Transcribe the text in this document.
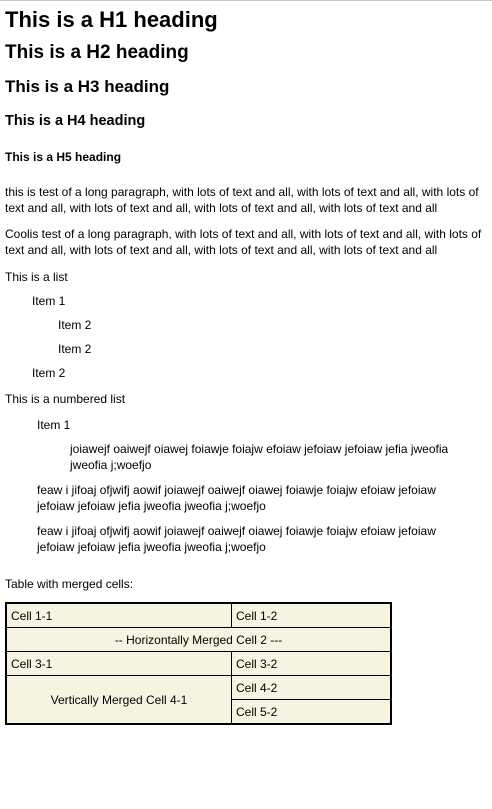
This is a H1 heading
This is a H2 heading
This is a H3 heading
This is a H4 heading
This is a H5 heading

this is test of a long paragraph, with lots of text and all, with lots of text and all, with lots of text and all, with lots of text and all, with lots of text and all, with lots of text and all

Coolis test of a long paragraph, with lots of text and all, with lots of text and all, with lots of text and all, with lots of text and all, with lots of text and all, with lots of text and all

This is a list

Item 1
Item 2
Item 2
Item 2

This is a numbered list

Item 1
joiawejf oaiwejf oiawej foiawje foiajw efoiaw jefoiaw jefoiaw jefia jweofia jweofia j;woefjo
feaw i jifoaj ofjwifj aowif joiawejf oaiwejf oiawej foiawje foiajw efoiaw jefoiaw jefoiaw jefoiaw jefia jweofia jweofia j;woefjo
feaw i jifoaj ofjwifj aowif joiawejf oaiwejf oiawej foiawje foiajw efoiaw jefoiaw jefoiaw jefoiaw jefia jweofia jweofia j;woefjo

Table with merged cells:

Cell 1-1	Cell 1-2
-- Horizontally Merged Cell 2 ---	
Cell 3-1	Cell 3-2
Vertically Merged Cell 4-1	Cell 4-2
	Cell 5-2
